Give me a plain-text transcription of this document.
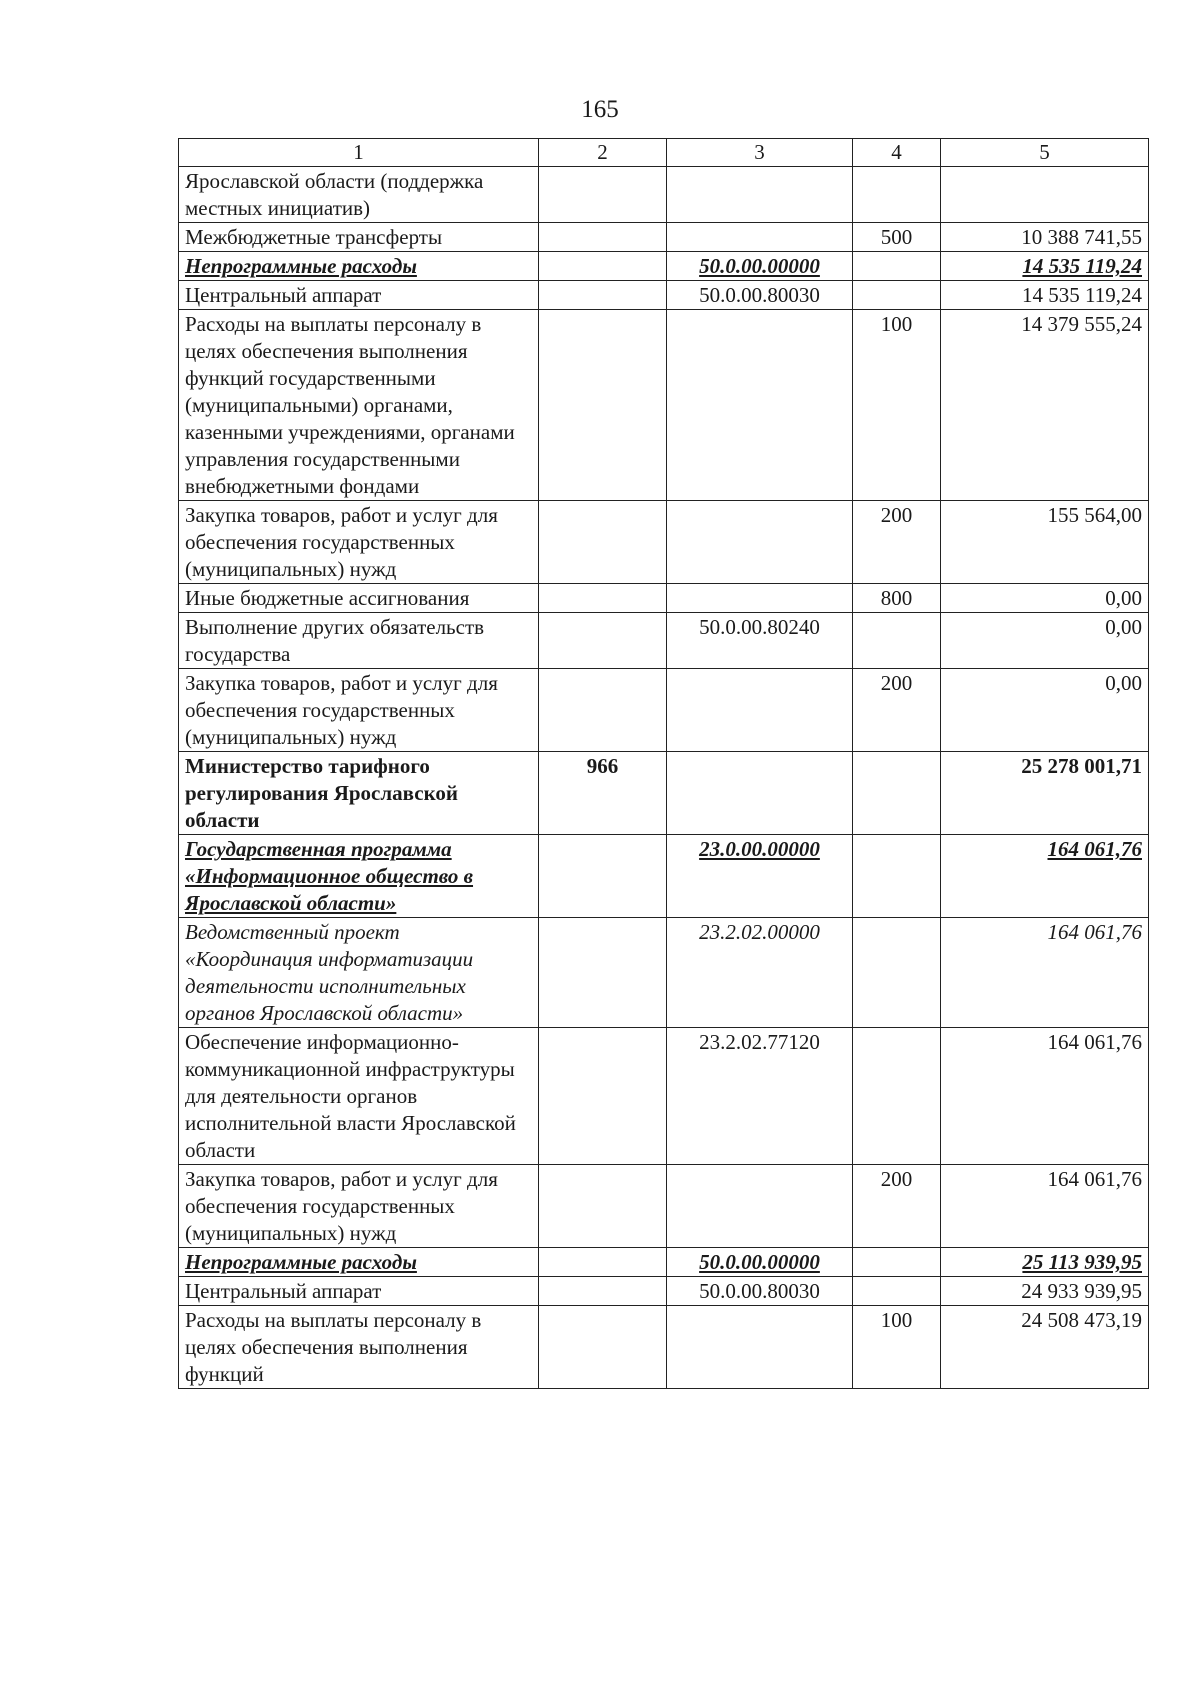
165
1	2	3	4	5
Ярославской области (поддержка местных инициатив)				
Межбюджетные трансферты			500	10 388 741,55
Непрограммные расходы		50.0.00.00000		14 535 119,24
Центральный аппарат		50.0.00.80030		14 535 119,24
Расходы на выплаты персоналу в целях обеспечения выполнения функций государственными (муниципальными) органами, казенными учреждениями, органами управления государственными внебюджетными фондами			100	14 379 555,24
Закупка товаров, работ и услуг для обеспечения государственных (муниципальных) нужд			200	155 564,00
Иные бюджетные ассигнования			800	0,00
Выполнение других обязательств государства		50.0.00.80240		0,00
Закупка товаров, работ и услуг для обеспечения государственных (муниципальных) нужд			200	0,00
Министерство тарифного регулирования Ярославской области	966			25 278 001,71
Государственная программа «Информационное общество в Ярославской области»		23.0.00.00000		164 061,76
Ведомственный проект «Координация информатизации деятельности исполнительных органов Ярославской области»		23.2.02.00000		164 061,76
Обеспечение информационно-коммуникационной инфраструктуры для деятельности органов исполнительной власти Ярославской области		23.2.02.77120		164 061,76
Закупка товаров, работ и услуг для обеспечения государственных (муниципальных) нужд			200	164 061,76
Непрограммные расходы		50.0.00.00000		25 113 939,95
Центральный аппарат		50.0.00.80030		24 933 939,95
Расходы на выплаты персоналу в целях обеспечения выполнения функций			100	24 508 473,19
